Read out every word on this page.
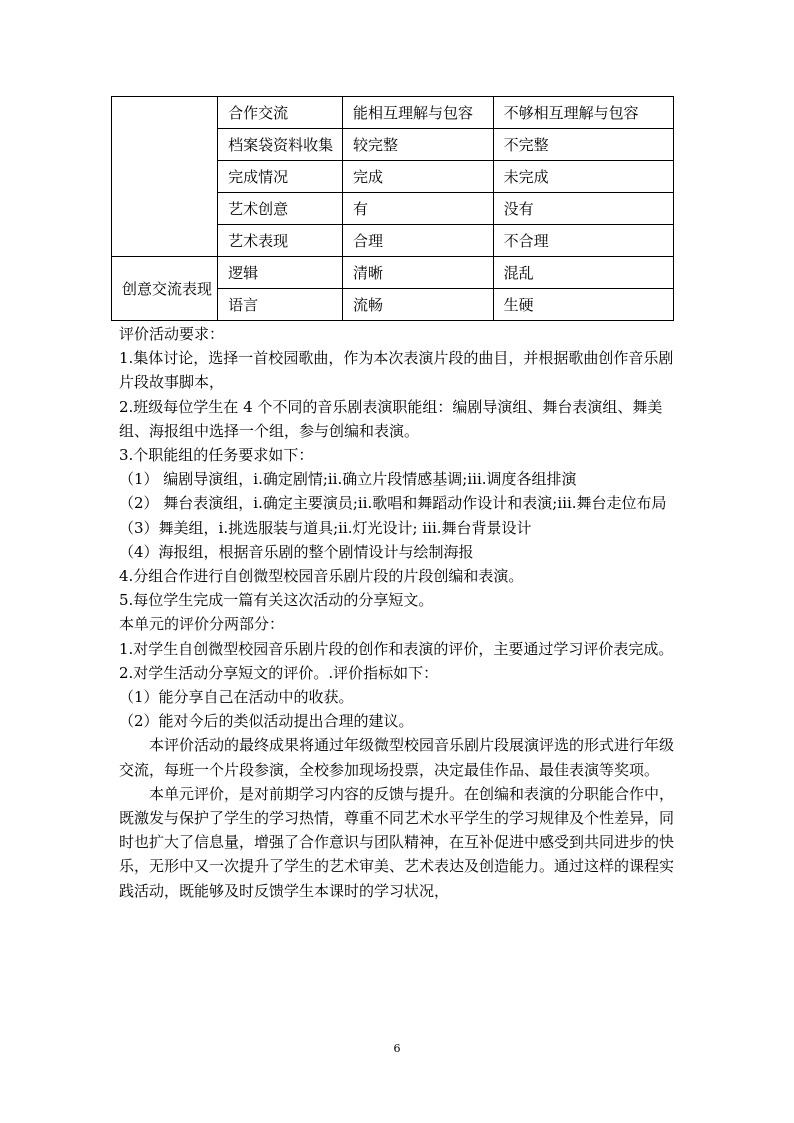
	合作交流	能相互理解与包容	不够相互理解与包容
	档案袋资料收集	较完整	不完整
	完成情况	完成	未完成
	艺术创意	有	没有
	艺术表现	合理	不合理
创意交流表现	逻辑	清晰	混乱
	语言	流畅	生硬

评价活动要求：

1.集体讨论，选择一首校园歌曲，作为本次表演片段的曲目，并根据歌曲创作音乐剧片段故事脚本，

2.班级每位学生在 4 个不同的音乐剧表演职能组：编剧导演组、舞台表演组、舞美组、海报组中选择一个组，参与创编和表演。

3.个职能组的任务要求如下：

（1） 编剧导演组，ⅰ.确定剧情;ⅱ.确立片段情感基调;ⅲ.调度各组排演

（2） 舞台表演组，ⅰ.确定主要演员;ⅱ.歌唱和舞蹈动作设计和表演;ⅲ.舞台走位布局

（3）舞美组，ⅰ.挑选服装与道具;ⅱ.灯光设计; ⅲ.舞台背景设计

（4）海报组，根据音乐剧的整个剧情设计与绘制海报

4.分组合作进行自创微型校园音乐剧片段的片段创编和表演。

5.每位学生完成一篇有关这次活动的分享短文。

本单元的评价分两部分：

1.对学生自创微型校园音乐剧片段的创作和表演的评价，主要通过学习评价表完成。

2.对学生活动分享短文的评价。.评价指标如下：

（1）能分享自己在活动中的收获。

（2）能对今后的类似活动提出合理的建议。

本评价活动的最终成果将通过年级微型校园音乐剧片段展演评选的形式进行年级交流，每班一个片段参演，全校参加现场投票，决定最佳作品、最佳表演等奖项。

本单元评价，是对前期学习内容的反馈与提升。在创编和表演的分职能合作中，既激发与保护了学生的学习热情，尊重不同艺术水平学生的学习规律及个性差异，同时也扩大了信息量，增强了合作意识与团队精神，在互补促进中感受到共同进步的快乐，无形中又一次提升了学生的艺术审美、艺术表达及创造能力。通过这样的课程实践活动，既能够及时反馈学生本课时的学习状况，

6
